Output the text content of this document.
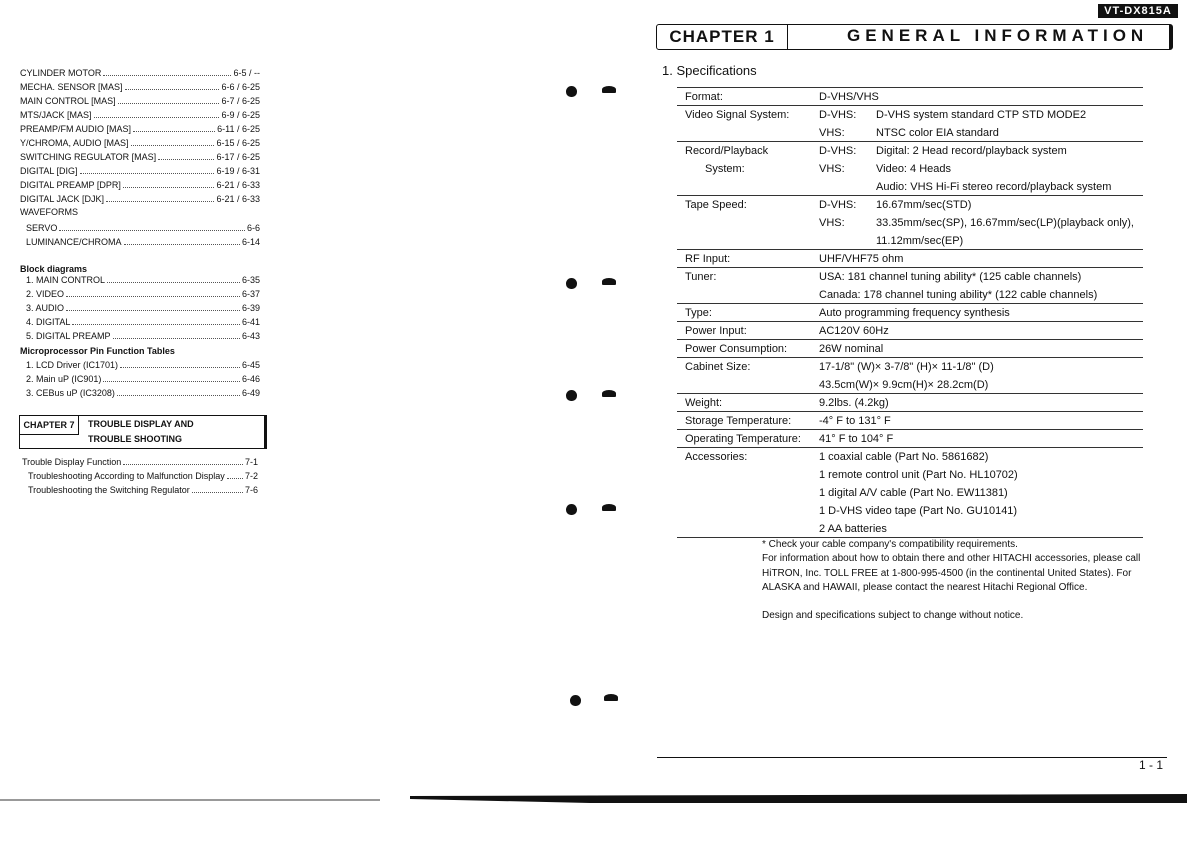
CYLINDER MOTOR	6-5 / --
MECHA. SENSOR [MAS]	6-6 / 6-25
MAIN CONTROL [MAS]	6-7 / 6-25
MTS/JACK [MAS]	6-9 / 6-25
PREAMP/FM AUDIO [MAS]	6-11 / 6-25
Y/CHROMA, AUDIO [MAS]	6-15 / 6-25
SWITCHING REGULATOR [MAS]	6-17 / 6-25
DIGITAL [DIG]	6-19 / 6-31
DIGITAL PREAMP [DPR]	6-21 / 6-33
DIGITAL JACK [DJK]	6-21 / 6-33
WAVEFORMS
SERVO	6-6
LUMINANCE/CHROMA	6-14
Block diagrams
1. MAIN CONTROL	6-35
2. VIDEO	6-37
3. AUDIO	6-39
4. DIGITAL	6-41
5. DIGITAL PREAMP	6-43
Microprocessor Pin Function Tables
1. LCD Driver (IC1701)	6-45
2. Main uP (IC901)	6-46
3. CEBus uP (IC3208)	6-49
CHAPTER 7	TROUBLE DISPLAY AND
TROUBLE SHOOTING
Trouble Display Function	7-1
Troubleshooting According to Malfunction Display 7-2
Troubleshooting the Switching Regulator	7-6
VT-DX815A
CHAPTER 1	GENERAL INFORMATION
1. Specifications
Format:	D-VHS/VHS
Video Signal System:	D-VHS: D-VHS system standard CTP STD MODE2
VHS:	NTSC color EIA standard
Record/Playback
System:
D-VHS: Digital: 2 Head record/playback system
VHS:	Video: 4 Heads
Audio: VHS Hi-Fi stereo record/playback system
Tape Speed:	D-VHS: 16.67mm/sec(STD)
VHS:	33.35mm/sec(SP), 16.67mm/sec(LP)(playback only),
11.12mm/sec(EP)
RF Input:	UHF/VHF75 ohm
Tuner:	USA: 181 channel tuning ability* (125 cable channels)
Canada: 178 channel tuning ability* (122 cable channels)
Type:	Auto programming frequency synthesis
Power Input:	AC120V 60Hz
Power Consumption:	26W nominal
Cabinet Size:	17-1/8" (W)× 3-7/8" (H)× 11-1/8" (D)
43.5cm(W)× 9.9cm(H)× 28.2cm(D)
Weight:	9.2lbs. (4.2kg)
Storage Temperature:	-4° F to 131° F
Operating Temperature: 41° F to 104° F
Accessories:	1 coaxial cable (Part No. 5861682)
1 remote control unit (Part No. HL10702)
1 digital A/V cable (Part No. EW11381)
1 D-VHS video tape (Part No. GU10141)
2 AA batteries
* Check your cable company's compatibility requirements.
For information about how to obtain there and other HITACHI accessories, please call HiTRON, Inc. TOLL FREE at 1-800-995-4500 (in the continental United States). For ALASKA and HAWAII, please contact the nearest Hitachi Regional Office.
Design and specifications subject to change without notice.
1 - 1
